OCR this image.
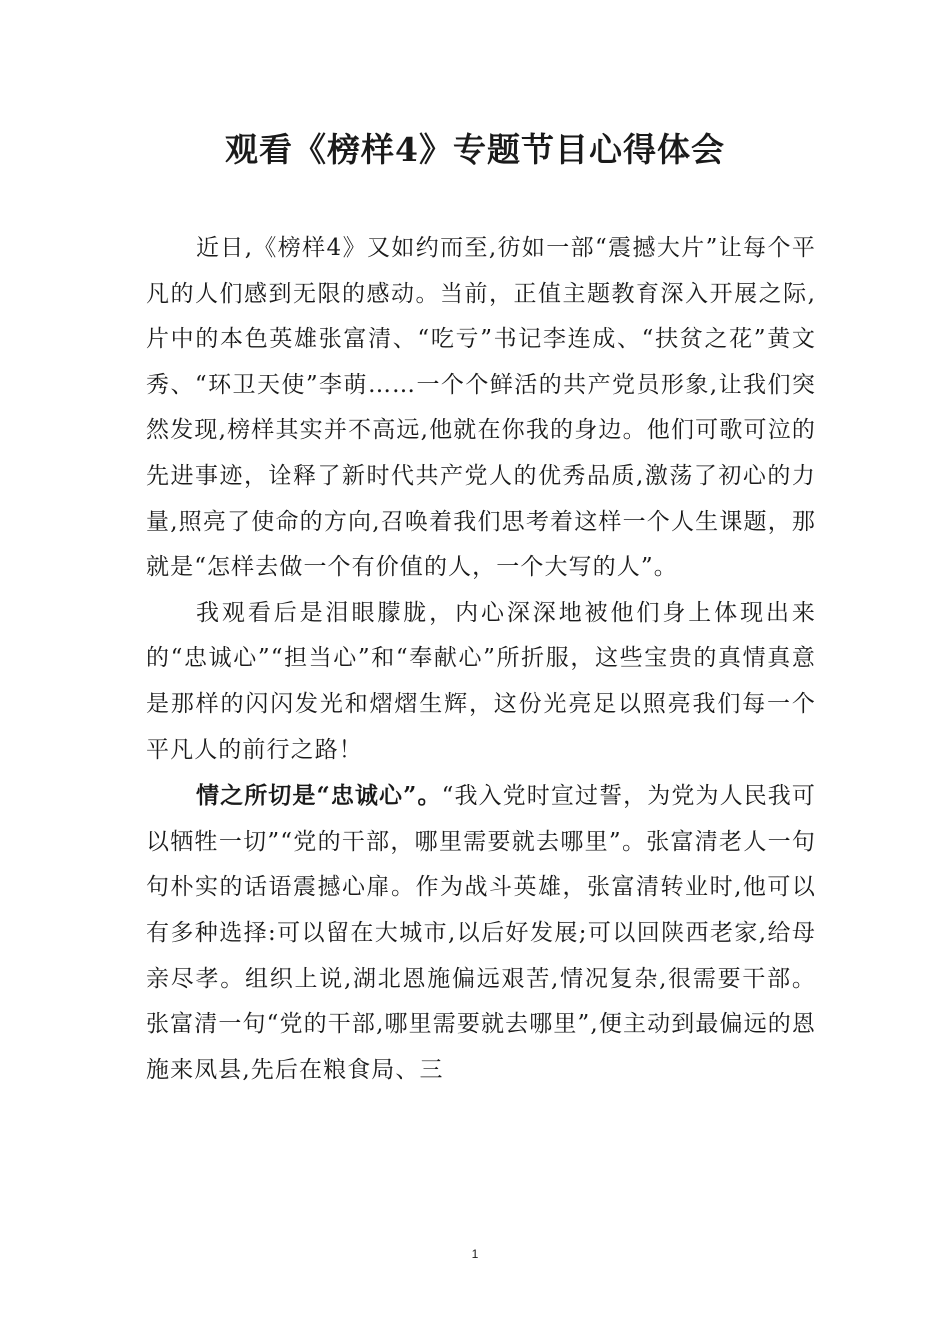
观看《榜样4》专题节目心得体会

近日,《榜样4》又如约而至,彷如一部“震撼大片”让每个平凡的人们感到无限的感动。当前，正值主题教育深入开展之际,片中的本色英雄张富清、“吃亏”书记李连成、“扶贫之花”黄文秀、“环卫天使”李萌……一个个鲜活的共产党员形象,让我们突然发现,榜样其实并不高远,他就在你我的身边。他们可歌可泣的先进事迹，诠释了新时代共产党人的优秀品质,激荡了初心的力量,照亮了使命的方向,召唤着我们思考着这样一个人生课题，那就是“怎样去做一个有价值的人，一个大写的人”。

我观看后是泪眼朦胧，内心深深地被他们身上体现出来的“忠诚心”“担当心”和“奉献心”所折服，这些宝贵的真情真意是那样的闪闪发光和熠熠生辉，这份光亮足以照亮我们每一个平凡人的前行之路！

情之所切是“忠诚心”。“我入党时宣过誓，为党为人民我可以牺牲一切”“党的干部，哪里需要就去哪里”。张富清老人一句句朴实的话语震撼心扉。作为战斗英雄，张富清转业时,他可以有多种选择:可以留在大城市,以后好发展;可以回陕西老家,给母亲尽孝。组织上说,湖北恩施偏远艰苦,情况复杂,很需要干部。张富清一句“党的干部,哪里需要就去哪里”,便主动到最偏远的恩施来凤县,先后在粮食局、三

1
